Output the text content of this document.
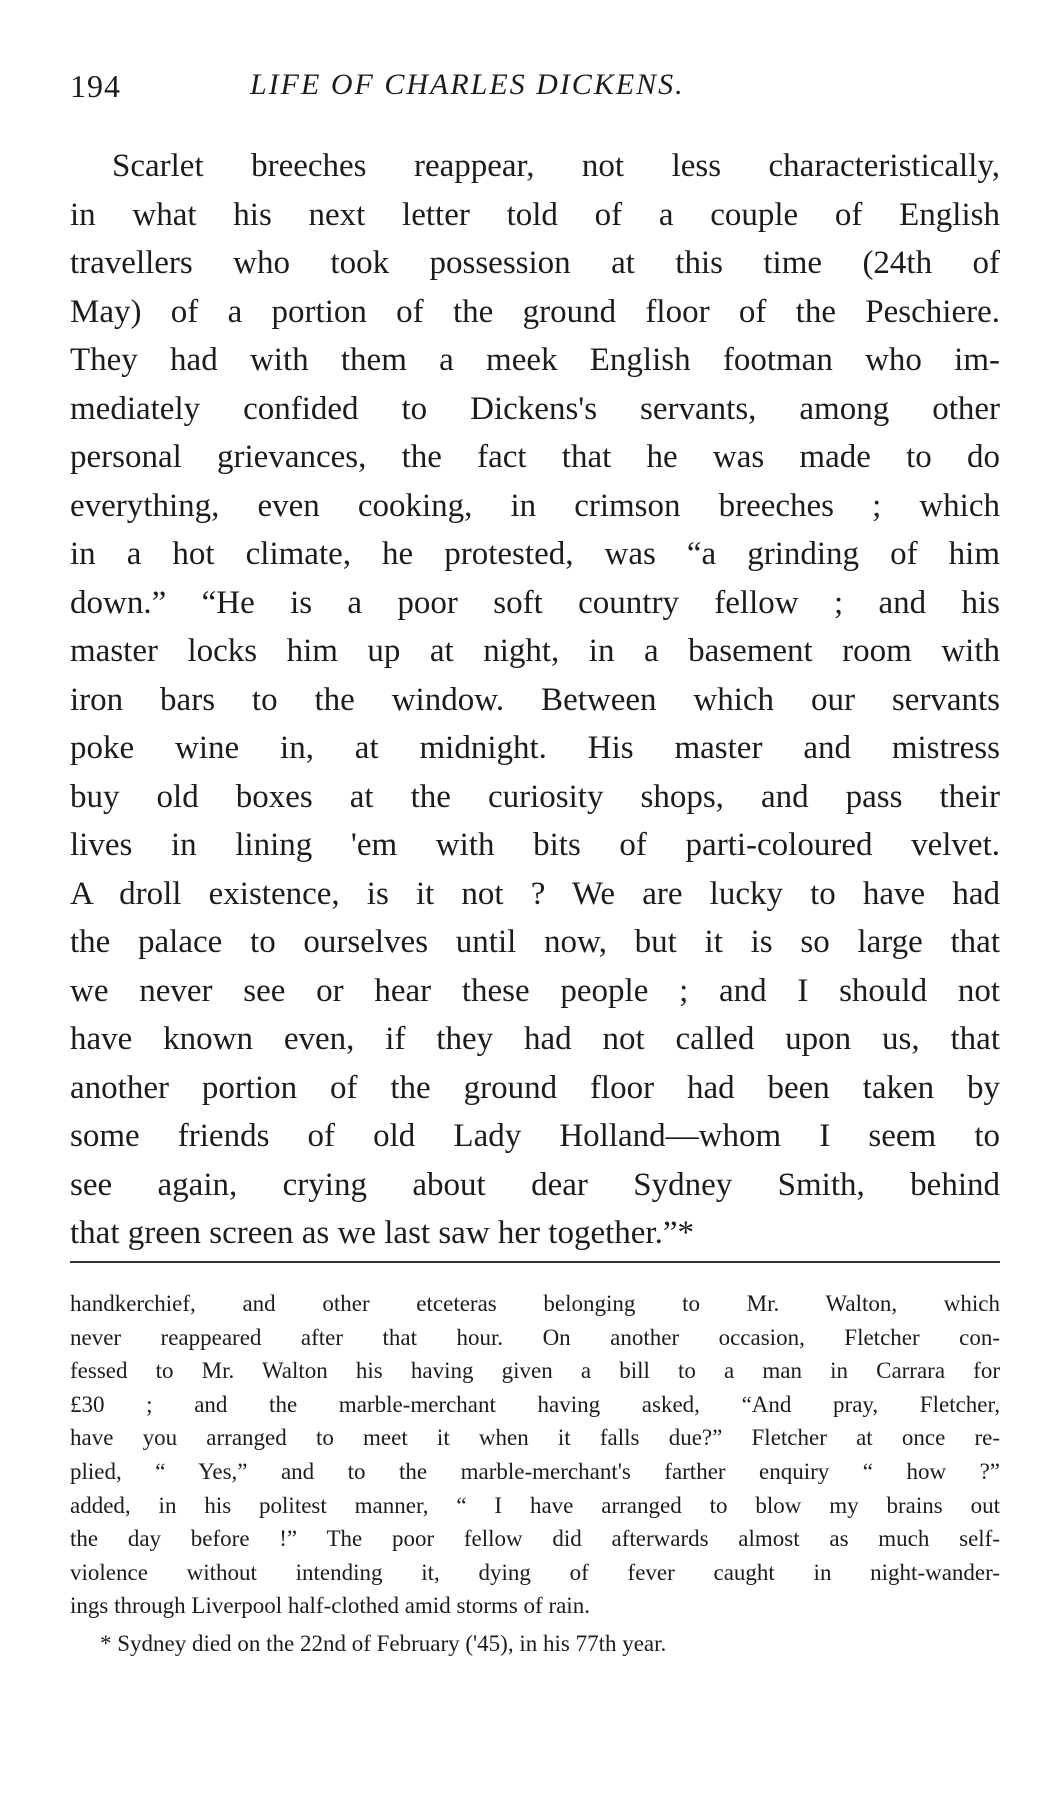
194	LIFE OF CHARLES DICKENS.
Scarlet breeches reappear, not less characteristically,
in what his next letter told of a couple of English
travellers who took possession at this time (24th of
May) of a portion of the ground floor of the Peschiere.
They had with them a meek English footman who im-
mediately confided to Dickens's servants, among other
personal grievances, the fact that he was made to do
everything, even cooking, in crimson breeches ; which
in a hot climate, he protested, was “a grinding of him
down.” “He is a poor soft country fellow ; and his
master locks him up at night, in a basement room with
iron bars to the window. Between which our servants
poke wine in, at midnight. His master and mistress
buy old boxes at the curiosity shops, and pass their
lives in lining 'em with bits of parti-coloured velvet.
A droll existence, is it not ? We are lucky to have had
the palace to ourselves until now, but it is so large that
we never see or hear these people ; and I should not
have known even, if they had not called upon us, that
another portion of the ground floor had been taken by
some friends of old Lady Holland—whom I seem to
see again, crying about dear Sydney Smith, behind
that green screen as we last saw her together.”*
handkerchief, and other etceteras belonging to Mr. Walton, which
never reappeared after that hour. On another occasion, Fletcher con-
fessed to Mr. Walton his having given a bill to a man in Carrara for
£30 ; and the marble-merchant having asked, “And pray, Fletcher,
have you arranged to meet it when it falls due?” Fletcher at once re-
plied, “ Yes,” and to the marble-merchant's farther enquiry “ how ?”
added, in his politest manner, “ I have arranged to blow my brains out
the day before !” The poor fellow did afterwards almost as much self-
violence without intending it, dying of fever caught in night-wander-
ings through Liverpool half-clothed amid storms of rain.
* Sydney died on the 22nd of February ('45), in his 77th year.
